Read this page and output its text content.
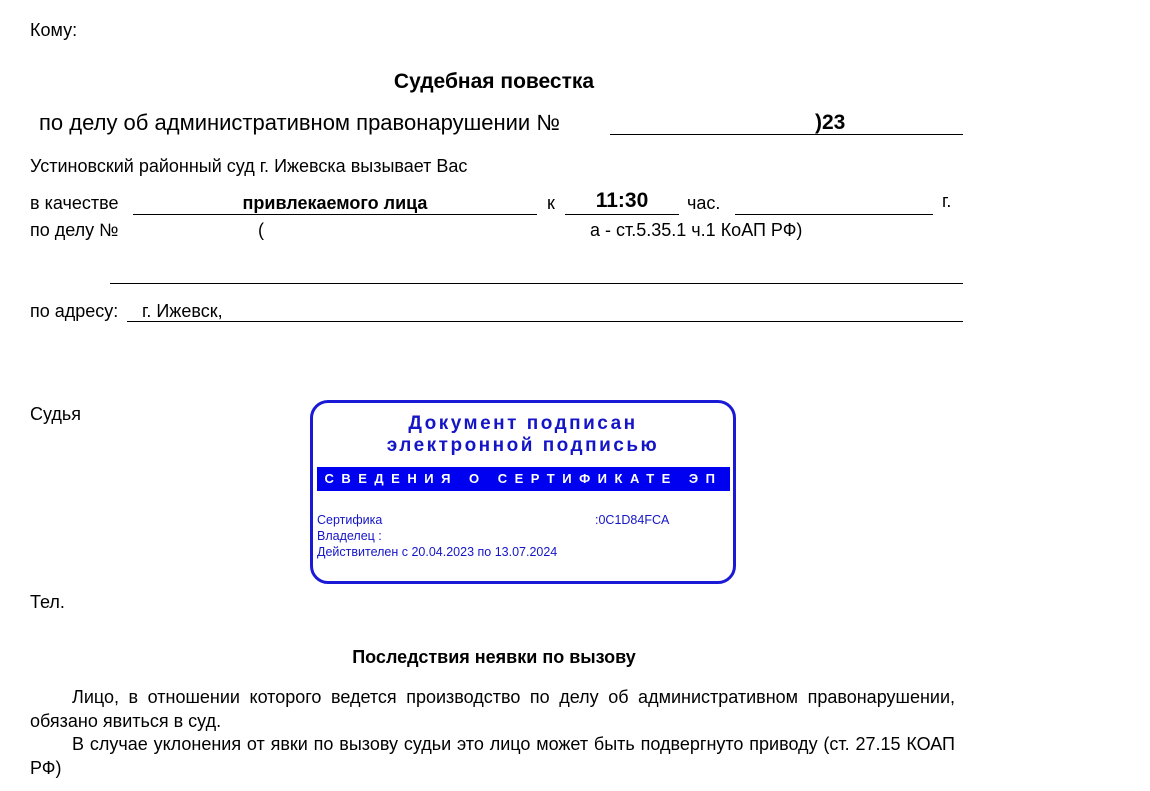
Кому:
Судебная повестка
по делу об административном правонарушении №	)23
Устиновский районный суд г. Ижевска вызывает Вас
в качестве	привлекаемого лица	к	11:30	час.	г.
по делу №	(	а - ст.5.35.1 ч.1 КоАП РФ)
по адресу: г. Ижевск,
Судья	Документ подписан
электронной подписью
СВЕДЕНИЯ О СЕРТИФИКАТЕ ЭП
Сертифика	:0C1D84FCA
Владелец :
Действителен с 20.04.2023 по 13.07.2024
Тел.
Последствия неявки по вызову

Лицо, в отношении которого ведется производство по делу об административном правонарушении, обязано явиться в суд.

В случае уклонения от явки по вызову судьи это лицо может быть подвергнуто приводу (ст. 27.15 КОАП РФ)
